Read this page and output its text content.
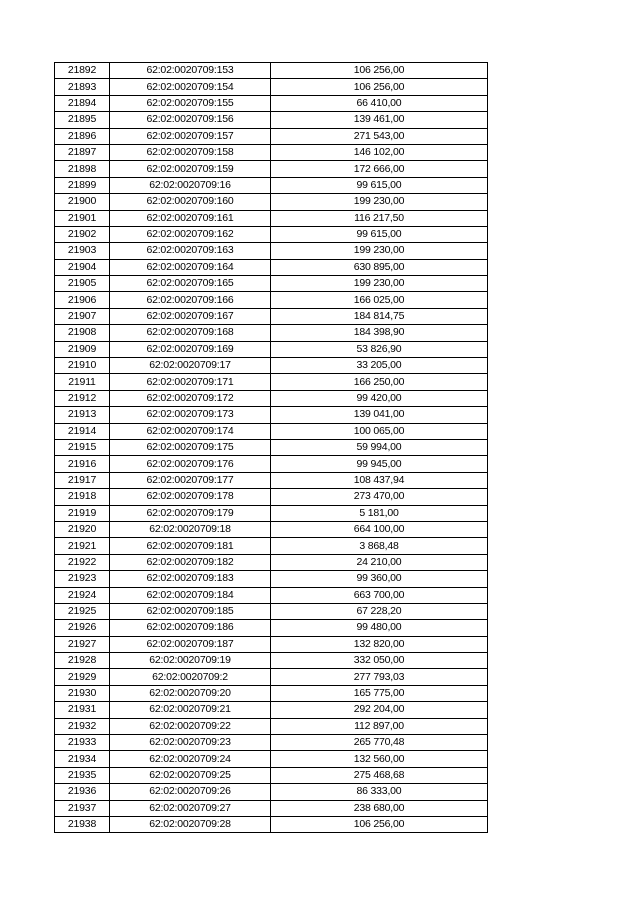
21892	62:02:0020709:153	106 256,00
21893	62:02:0020709:154	106 256,00
21894	62:02:0020709:155	66 410,00
21895	62:02:0020709:156	139 461,00
21896	62:02:0020709:157	271 543,00
21897	62:02:0020709:158	146 102,00
21898	62:02:0020709:159	172 666,00
21899	62:02:0020709:16	99 615,00
21900	62:02:0020709:160	199 230,00
21901	62:02:0020709:161	116 217,50
21902	62:02:0020709:162	99 615,00
21903	62:02:0020709:163	199 230,00
21904	62:02:0020709:164	630 895,00
21905	62:02:0020709:165	199 230,00
21906	62:02:0020709:166	166 025,00
21907	62:02:0020709:167	184 814,75
21908	62:02:0020709:168	184 398,90
21909	62:02:0020709:169	53 826,90
21910	62:02:0020709:17	33 205,00
21911	62:02:0020709:171	166 250,00
21912	62:02:0020709:172	99 420,00
21913	62:02:0020709:173	139 041,00
21914	62:02:0020709:174	100 065,00
21915	62:02:0020709:175	59 994,00
21916	62:02:0020709:176	99 945,00
21917	62:02:0020709:177	108 437,94
21918	62:02:0020709:178	273 470,00
21919	62:02:0020709:179	5 181,00
21920	62:02:0020709:18	664 100,00
21921	62:02:0020709:181	3 868,48
21922	62:02:0020709:182	24 210,00
21923	62:02:0020709:183	99 360,00
21924	62:02:0020709:184	663 700,00
21925	62:02:0020709:185	67 228,20
21926	62:02:0020709:186	99 480,00
21927	62:02:0020709:187	132 820,00
21928	62:02:0020709:19	332 050,00
21929	62:02:0020709:2	277 793,03
21930	62:02:0020709:20	165 775,00
21931	62:02:0020709:21	292 204,00
21932	62:02:0020709:22	112 897,00
21933	62:02:0020709:23	265 770,48
21934	62:02:0020709:24	132 560,00
21935	62:02:0020709:25	275 468,68
21936	62:02:0020709:26	86 333,00
21937	62:02:0020709:27	238 680,00
21938	62:02:0020709:28	106 256,00
